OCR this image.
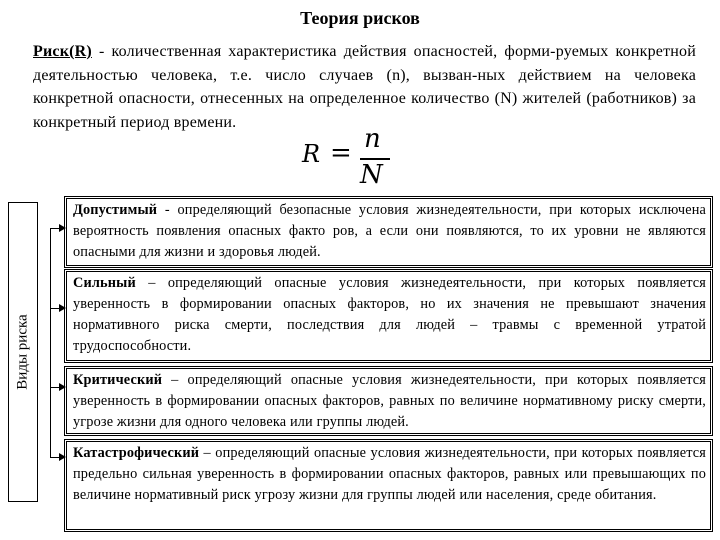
Теория рисков
Риск(R) - количественная характеристика действия опасностей, форми-руемых конкретной деятельностью человека, т.е. число случаев (n), вызван-ных действием на человека конкретной опасности, отнесенных на определенное количество (N) жителей (работников) за конкретный период времени.
R = n
N
Виды риска
Допустимый - определяющий безопасные условия жизнедеятельности, при которых исключена вероятность появления опасных факто ров, а если они появляются, то их уровни не являются опасными для жизни и здоровья людей.
Сильный – определяющий опасные условия жизнедеятельности, при которых появляется уверенность в формировании опасных факторов, но их значения не превышают значения нормативного риска смерти, последствия для людей – травмы с временной утратой трудоспособности.
Критический – определяющий опасные условия жизнедеятельности, при которых появляется уверенность в формировании опасных факторов, равных по величине нормативному риску смерти, угрозе жизни для одного человека или группы людей.
Катастрофический – определяющий опасные условия жизнедеятельности, при которых появляется предельно сильная уверенность в формировании опасных факторов, равных или превышающих по величине нормативный риск угрозу жизни для группы людей или населения, среде обитания.
